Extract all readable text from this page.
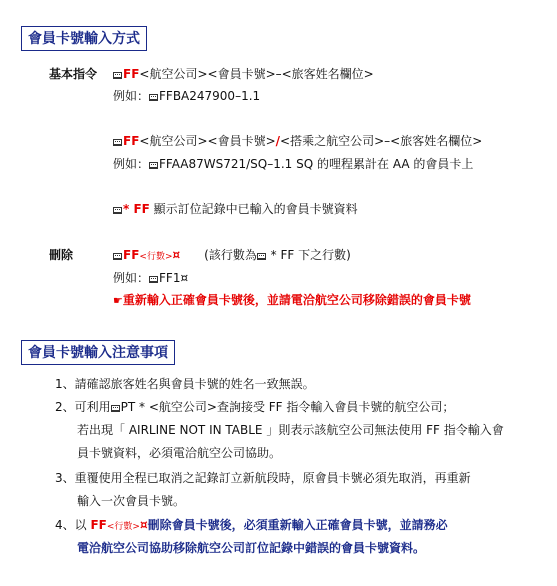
會員卡號輸入方式
基本指令	FF<航空公司><會員卡號>–<旅客姓名欄位>
例如： FFBA247900–1.1
FF<航空公司><會員卡號>/<搭乘之航空公司>–<旅客姓名欄位>
例如： FFAA87WS721/SQ–1.1 SQ 的哩程累計在 AA 的會員卡上
* FF 顯示訂位記錄中已輸入的會員卡號資料
刪除	FF<行數>¤ (該行數為 * FF 下之行數)
例如： FF1¤
☛重新輸入正確會員卡號後，並請電洽航空公司移除錯誤的會員卡號
會員卡號輸入注意事項
1、請確認旅客姓名與會員卡號的姓名一致無誤。
2、可利用 PT * <航空公司>查詢接受 FF 指令輸入會員卡號的航空公司；
若出現「 AIRLINE NOT IN TABLE 」則表示該航空公司無法使用 FF 指令輸入會
員卡號資料，必須電洽航空公司協助。
3、重覆使用全程已取消之記錄訂立新航段時，原會員卡號必須先取消，再重新
輸入一次會員卡號。
4、以 FF<行數>¤刪除會員卡號後，必須重新輸入正確會員卡號，並請務必
電洽航空公司協助移除航空公司訂位記錄中錯誤的會員卡號資料。
